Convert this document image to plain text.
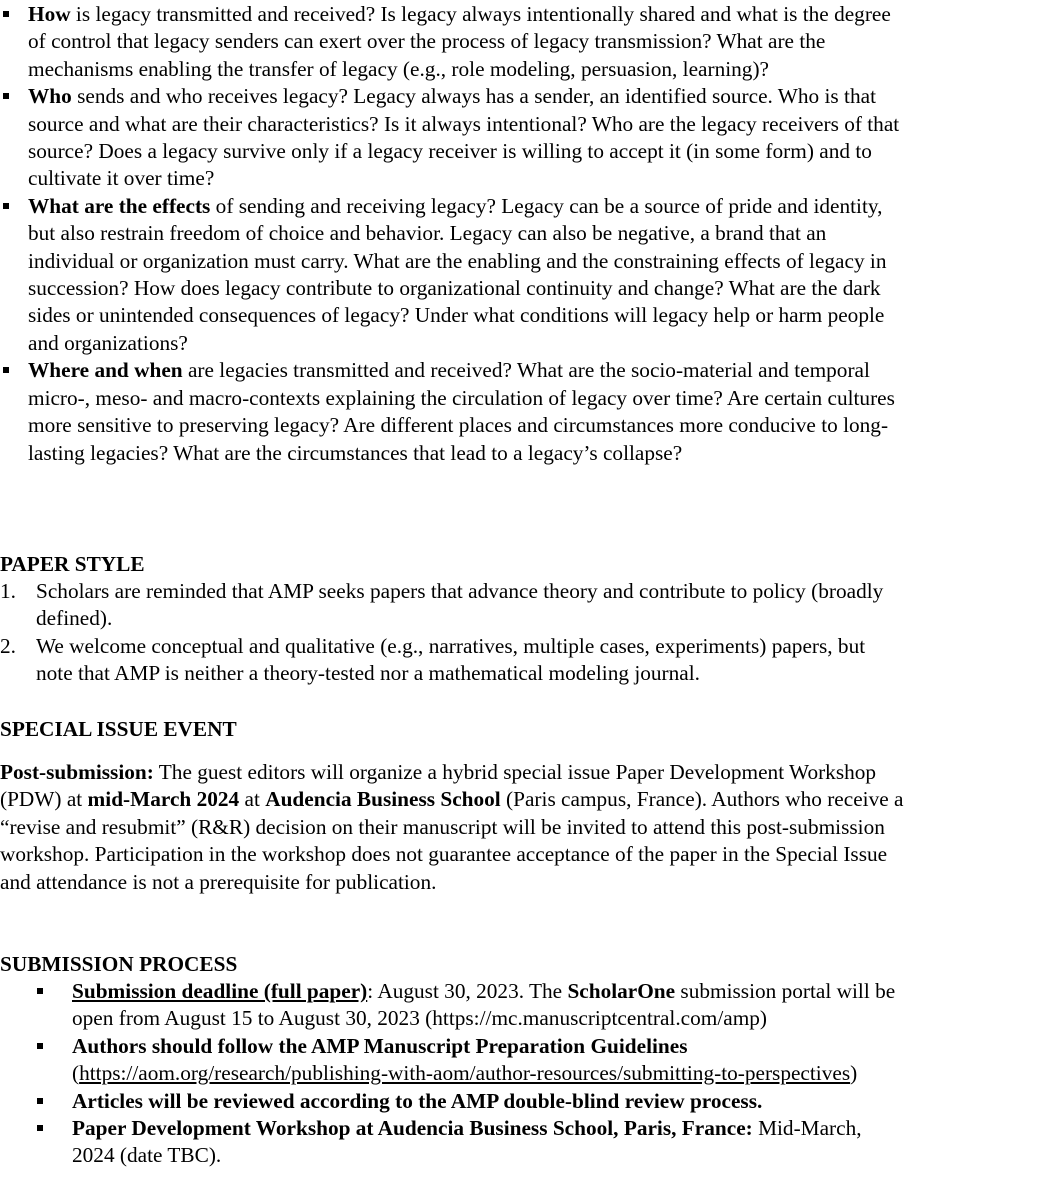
How is legacy transmitted and received? Is legacy always intentionally shared and what is the degree of control that legacy senders can exert over the process of legacy transmission? What are the mechanisms enabling the transfer of legacy (e.g., role modeling, persuasion, learning)?
Who sends and who receives legacy? Legacy always has a sender, an identified source. Who is that source and what are their characteristics? Is it always intentional? Who are the legacy receivers of that source? Does a legacy survive only if a legacy receiver is willing to accept it (in some form) and to cultivate it over time?
What are the effects of sending and receiving legacy? Legacy can be a source of pride and identity, but also restrain freedom of choice and behavior. Legacy can also be negative, a brand that an individual or organization must carry. What are the enabling and the constraining effects of legacy in succession? How does legacy contribute to organizational continuity and change? What are the dark sides or unintended consequences of legacy? Under what conditions will legacy help or harm people and organizations?
Where and when are legacies transmitted and received? What are the socio-material and temporal micro-, meso- and macro-contexts explaining the circulation of legacy over time? Are certain cultures more sensitive to preserving legacy? Are different places and circumstances more conducive to long-lasting legacies? What are the circumstances that lead to a legacy’s collapse?
PAPER STYLE
1. Scholars are reminded that AMP seeks papers that advance theory and contribute to policy (broadly defined).
2. We welcome conceptual and qualitative (e.g., narratives, multiple cases, experiments) papers, but note that AMP is neither a theory-tested nor a mathematical modeling journal.
SPECIAL ISSUE EVENT

Post-submission: The guest editors will organize a hybrid special issue Paper Development Workshop (PDW) at mid-March 2024 at Audencia Business School (Paris campus, France). Authors who receive a “revise and resubmit” (R&R) decision on their manuscript will be invited to attend this post-submission workshop. Participation in the workshop does not guarantee acceptance of the paper in the Special Issue and attendance is not a prerequisite for publication.

SUBMISSION PROCESS
Submission deadline (full paper): August 30, 2023. The ScholarOne submission portal will be open from August 15 to August 30, 2023 (https://mc.manuscriptcentral.com/amp)
Authors should follow the AMP Manuscript Preparation Guidelines
(https://aom.org/research/publishing-with-aom/author-resources/submitting-to-perspectives)
Articles will be reviewed according to the AMP double-blind review process.
Paper Development Workshop at Audencia Business School, Paris, France: Mid-March, 2024 (date TBC).
